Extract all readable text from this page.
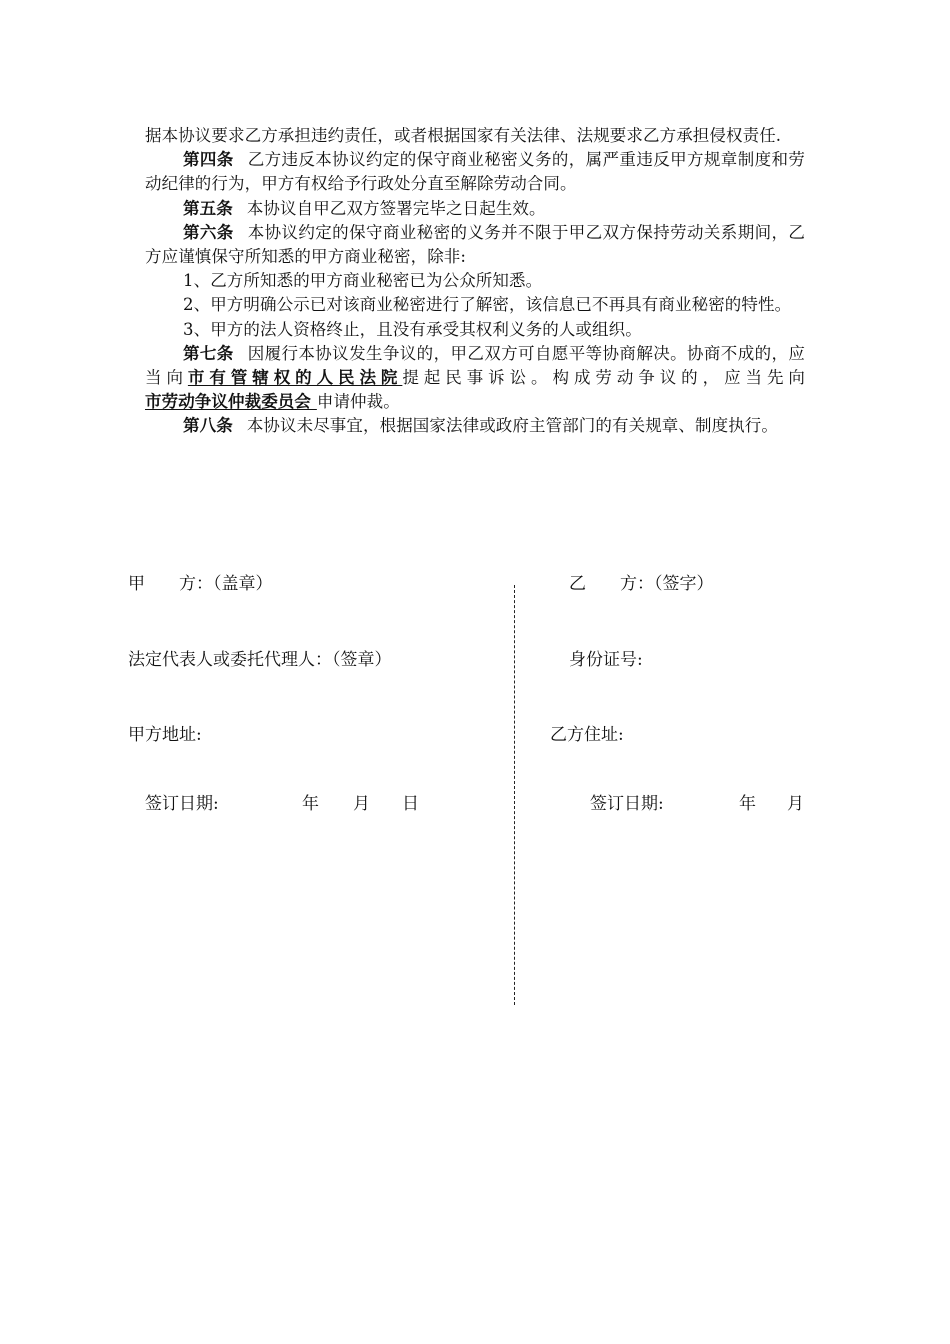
据本协议要求乙方承担违约责任，或者根据国家有关法律、法规要求乙方承担侵权责任.

第四条 乙方违反本协议约定的保守商业秘密义务的，属严重违反甲方规章制度和劳动纪律的行为，甲方有权给予行政处分直至解除劳动合同。

第五条 本协议自甲乙双方签署完毕之日起生效。

第六条 本协议约定的保守商业秘密的义务并不限于甲乙双方保持劳动关系期间，乙方应谨慎保守所知悉的甲方商业秘密，除非:

1、乙方所知悉的甲方商业秘密已为公众所知悉。

2、甲方明确公示已对该商业秘密进行了解密，该信息已不再具有商业秘密的特性。

3、甲方的法人资格终止，且没有承受其权利义务的人或组织。

第七条 因履行本协议发生争议的，甲乙双方可自愿平等协商解决。协商不成的，应当向市有管辖权的人民法院提起民事诉讼。构成劳动争议的，应当先向市劳动争议仲裁委员会 申请仲裁。

第八条 本协议未尽事宜，根据国家法律或政府主管部门的有关规章、制度执行。

甲　　方：（盖章）
法定代表人或委托代理人：（签章）
甲方地址:
签订日期:	年 月 日
乙　　方：（签字）
身份证号:
乙方住址:
签订日期:	年 月
